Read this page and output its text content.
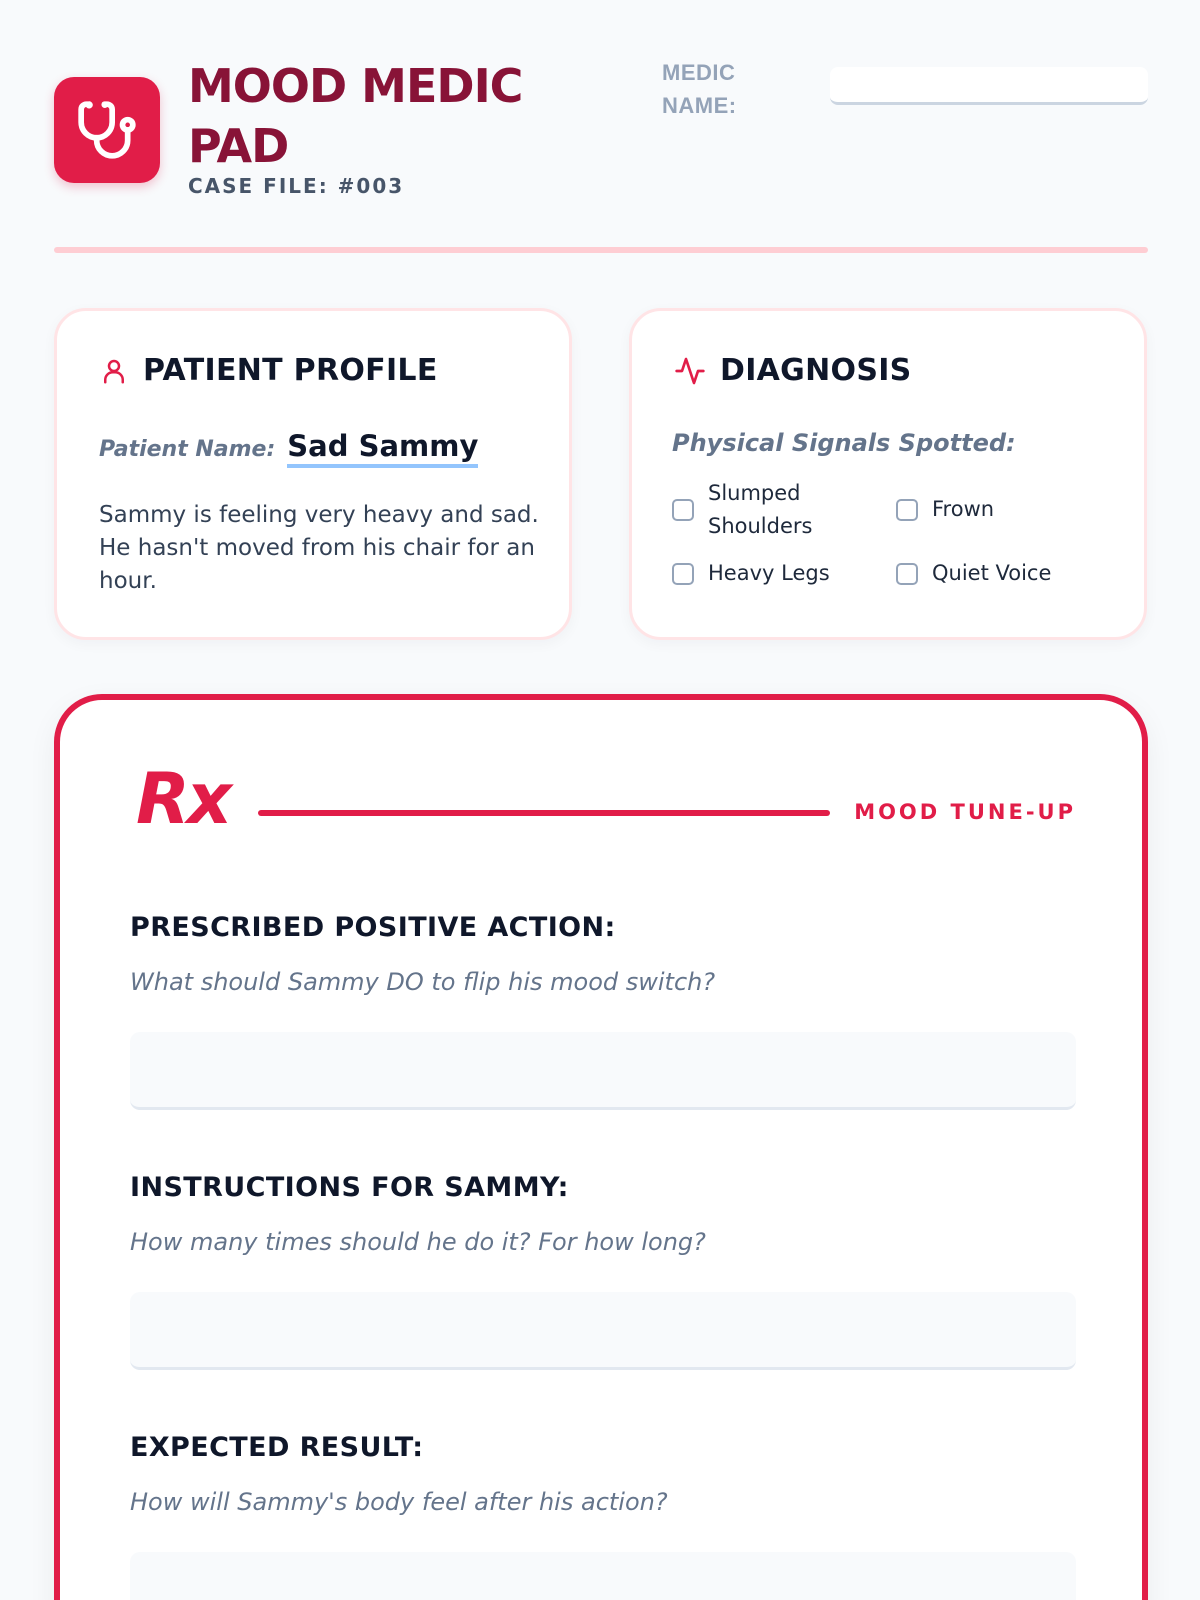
MOOD MEDIC PAD
CASE FILE: #003
MEDIC NAME:
PATIENT PROFILE
Patient Name: Sad Sammy
Sammy is feeling very heavy and sad. He hasn't moved from his chair for an hour.
DIAGNOSIS
Physical Signals Spotted:
Slumped Shoulders
Frown
Heavy Legs	Quiet Voice
Rx	MOOD TUNE-UP
PRESCRIBED POSITIVE ACTION:
What should Sammy DO to flip his mood switch?
INSTRUCTIONS FOR SAMMY:
How many times should he do it? For how long?
EXPECTED RESULT:
How will Sammy's body feel after his action?
